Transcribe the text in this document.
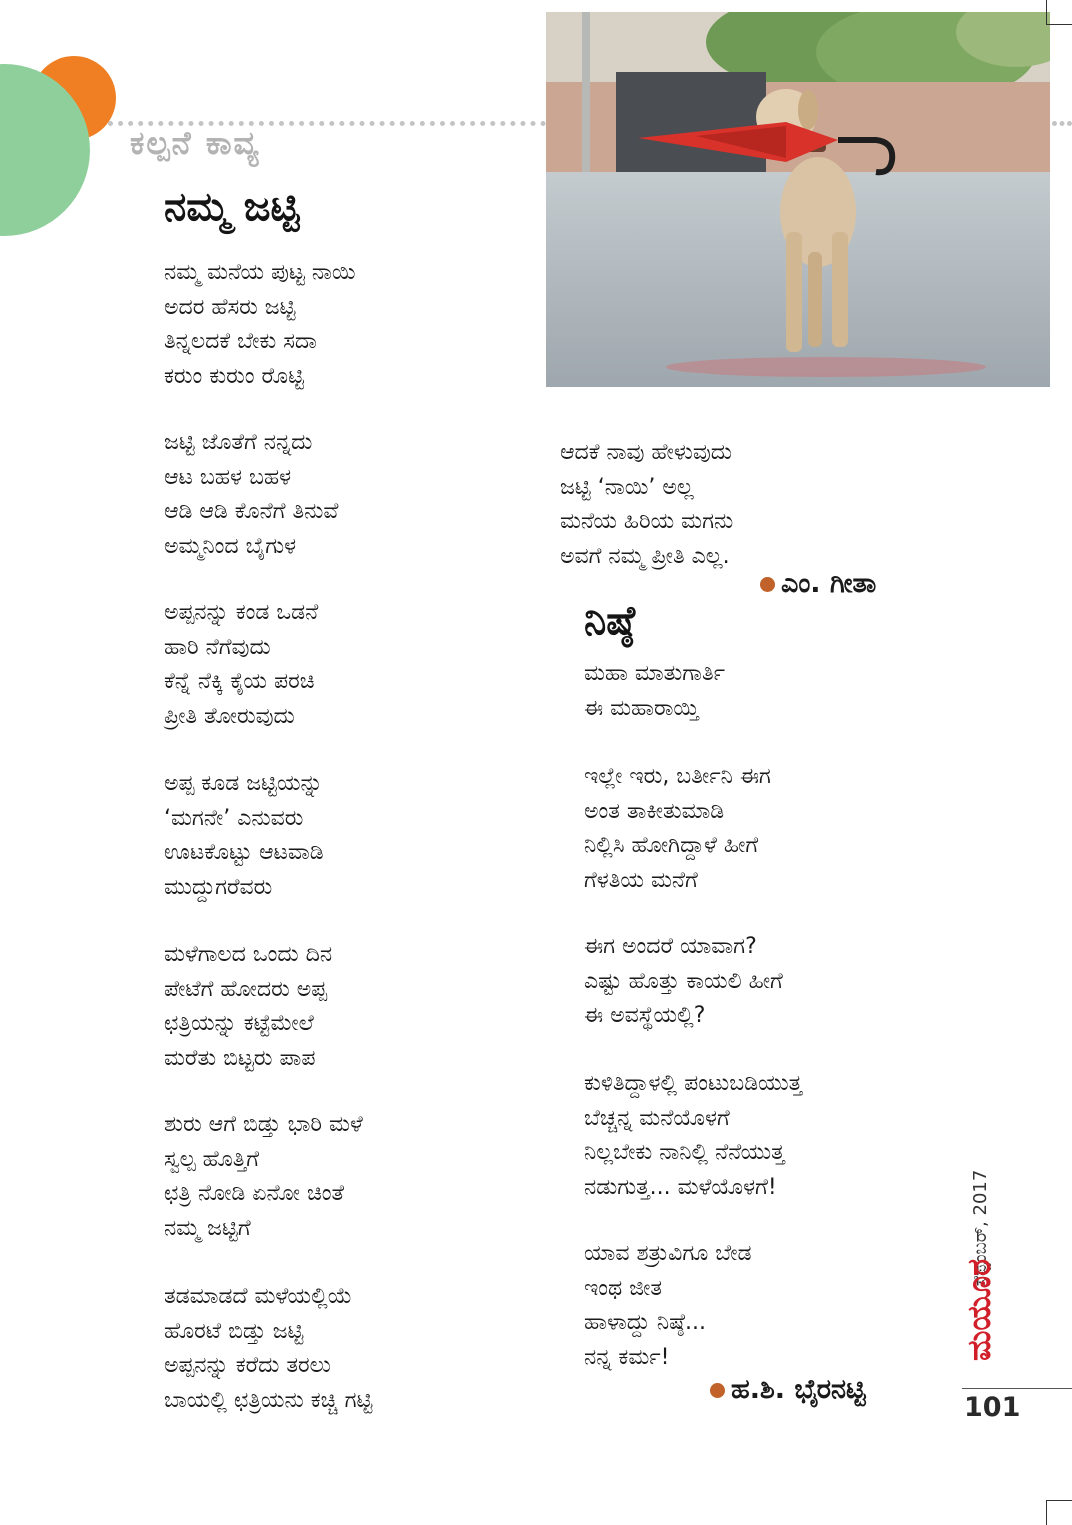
ಕಲ್ಪನೆ ಕಾವ್ಯ
ನಮ್ಮ ಜಟ್ಟಿ
ನಮ್ಮ ಮನೆಯ ಪುಟ್ಟ ನಾಯಿ
ಅದರ ಹೆಸರು ಜಟ್ಟಿ
ತಿನ್ನಲದಕೆ ಬೇಕು ಸದಾ
ಕರುಂ ಕುರುಂ ರೊಟ್ಟಿ
ಜಟ್ಟಿ ಜೊತೆಗೆ ನನ್ನದು
ಆಟ ಬಹಳ ಬಹಳ
ಆಡಿ ಆಡಿ ಕೊನೆಗೆ ತಿನುವೆ
ಅಮ್ಮನಿಂದ ಬೈಗುಳ
ಅಪ್ಪನನ್ನು ಕಂಡ ಒಡನೆ
ಹಾರಿ ನೆಗೆವುದು
ಕೆನ್ನೆ ನೆಕ್ಕಿ ಕೈಯ ಪರಚಿ
ಪ್ರೀತಿ ತೋರುವುದು
ಅಪ್ಪ ಕೂಡ ಜಟ್ಟಿಯನ್ನು
‘ಮಗನೇ’ ಎನುವರು
ಊಟಕೊಟ್ಟು ಆಟವಾಡಿ
ಮುದ್ದುಗರೆವರು
ಮಳೆಗಾಲದ ಒಂದು ದಿನ
ಪೇಟೆಗೆ ಹೋದರು ಅಪ್ಪ
ಛತ್ರಿಯನ್ನು ಕಟ್ಟೆಮೇಲೆ
ಮರೆತು ಬಿಟ್ಟರು ಪಾಪ
ಶುರು ಆಗೆ ಬಿಡ್ತು ಭಾರಿ ಮಳೆ
ಸ್ವಲ್ಪ ಹೊತ್ತಿಗೆ
ಛತ್ರಿ ನೋಡಿ ಏನೋ ಚಿಂತೆ
ನಮ್ಮ ಜಟ್ಟಿಗೆ
ತಡಮಾಡದೆ ಮಳೆಯಲ್ಲಿಯೆ
ಹೊರಟೆ ಬಿಡ್ತು ಜಟ್ಟಿ
ಅಪ್ಪನನ್ನು ಕರೆದು ತರಲು
ಬಾಯಲ್ಲಿ ಛತ್ರಿಯನು ಕಚ್ಚಿ ಗಟ್ಟಿ
ಆದಕೆ ನಾವು ಹೇಳುವುದು
ಜಟ್ಟಿ ‘ನಾಯಿ’ ಅಲ್ಲ
ಮನೆಯ ಹಿರಿಯ ಮಗನು
ಅವಗೆ ನಮ್ಮ ಪ್ರೀತಿ ಎಲ್ಲ.
ಎಂ. ಗೀತಾ
ನಿಷ್ಠೆ
ಮಹಾ ಮಾತುಗಾರ್ತಿ
ಈ ಮಹಾರಾಯ್ತಿ
ಇಲ್ಲೇ ಇರು, ಬರ್ತೀನಿ ಈಗ
ಅಂತ ತಾಕೀತುಮಾಡಿ
ನಿಲ್ಲಿಸಿ ಹೋಗಿದ್ದಾಳೆ ಹೀಗೆ
ಗೆಳತಿಯ ಮನೆಗೆ
ಈಗ ಅಂದರೆ ಯಾವಾಗ?
ಎಷ್ಟು ಹೊತ್ತು ಕಾಯಲಿ ಹೀಗೆ
ಈ ಅವಸ್ಥೆಯಲ್ಲಿ?
ಕುಳಿತಿದ್ದಾಳಲ್ಲಿ ಪಂಟುಬಡಿಯುತ್ತ
ಬೆಚ್ಚನ್ನ ಮನೆಯೊಳಗೆ
ನಿಲ್ಲಬೇಕು ನಾನಿಲ್ಲಿ ನೆನೆಯುತ್ತ
ನಡುಗುತ್ತ... ಮಳೆಯೊಳಗೆ!
ಯಾವ ಶತ್ರುವಿಗೂ ಬೇಡ
ಇಂಥ ಜೀತ
ಹಾಳಾದ್ದು ನಿಷ್ಠೆ...
ನನ್ನ ಕರ್ಮ!
ಹ.ಶಿ. ಭೈರನಟ್ಟಿ
ಸೆಪ್ಟೆಂಬರ್, 2017
ಮಯೂರ
101
